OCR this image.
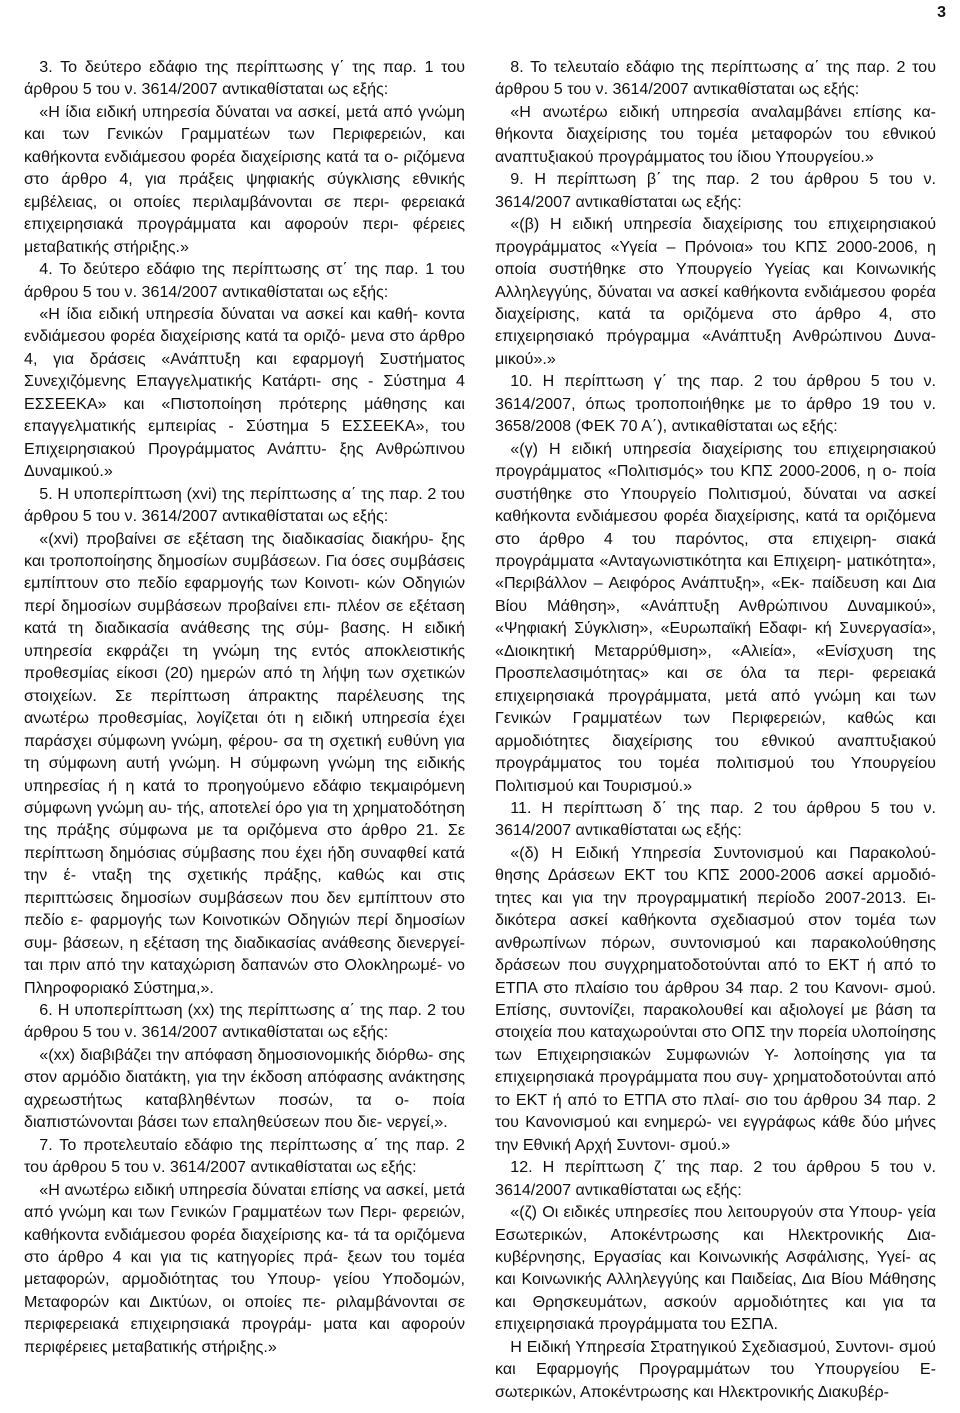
3

3. Το δεύτερο εδάφιο της περίπτωσης γ΄ της παρ. 1 του άρθρου 5 του ν. 3614/2007 αντικαθίσταται ως εξής:

«Η ίδια ειδική υπηρεσία δύναται να ασκεί, μετά από γνώμη και των Γενικών Γραμματέων των Περιφερειών, και καθήκοντα ενδιάμεσου φορέα διαχείρισης κατά τα ο- ριζόμενα στο άρθρο 4, για πράξεις ψηφιακής σύγκλισης εθνικής εμβέλειας, οι οποίες περιλαμβάνονται σε περι- φερειακά επιχειρησιακά προγράμματα και αφορούν περι- φέρειες μεταβατικής στήριξης.»

4. Το δεύτερο εδάφιο της περίπτωσης στ΄ της παρ. 1 του άρθρου 5 του ν. 3614/2007 αντικαθίσταται ως εξής:

«Η ίδια ειδική υπηρεσία δύναται να ασκεί και καθή- κοντα ενδιάμεσου φορέα διαχείρισης κατά τα οριζό- μενα στο άρθρο 4, για δράσεις «Ανάπτυξη και εφαρμογή Συστήματος Συνεχιζόμενης Επαγγελματικής Κατάρτι- σης - Σύστημα 4 ΕΣΣΕΕΚΑ» και «Πιστοποίηση πρότερης μάθησης και επαγγελματικής εμπειρίας - Σύστημα 5 ΕΣΣΕΕΚΑ», του Επιχειρησιακού Προγράμματος Ανάπτυ- ξης Ανθρώπινου Δυναμικού.»

5. Η υποπερίπτωση (xvi) της περίπτωσης α΄ της παρ. 2 του άρθρου 5 του ν. 3614/2007 αντικαθίσταται ως εξής:

«(xvi) προβαίνει σε εξέταση της διαδικασίας διακήρυ- ξης και τροποποίησης δημοσίων συμβάσεων. Για όσες συμβάσεις εμπίπτουν στο πεδίο εφαρμογής των Κοινοτι- κών Οδηγιών περί δημοσίων συμβάσεων προβαίνει επι- πλέον σε εξέταση κατά τη διαδικασία ανάθεσης της σύμ- βασης. Η ειδική υπηρεσία εκφράζει τη γνώμη της εντός αποκλειστικής προθεσμίας είκοσι (20) ημερών από τη λήψη των σχετικών στοιχείων. Σε περίπτωση άπρακτης παρέλευσης της ανωτέρω προθεσμίας, λογίζεται ότι η ειδική υπηρεσία έχει παράσχει σύμφωνη γνώμη, φέρου- σα τη σχετική ευθύνη για τη σύμφωνη αυτή γνώμη. Η σύμφωνη γνώμη της ειδικής υπηρεσίας ή η κατά το προηγούμενο εδάφιο τεκμαιρόμενη σύμφωνη γνώμη αυ- τής, αποτελεί όρο για τη χρηματοδότηση της πράξης σύμφωνα με τα οριζόμενα στο άρθρο 21. Σε περίπτωση δημόσιας σύμβασης που έχει ήδη συναφθεί κατά την έ- νταξη της σχετικής πράξης, καθώς και στις περιπτώσεις δημοσίων συμβάσεων που δεν εμπίπτουν στο πεδίο ε- φαρμογής των Κοινοτικών Οδηγιών περί δημοσίων συμ- βάσεων, η εξέταση της διαδικασίας ανάθεσης διενεργεί- ται πριν από την καταχώριση δαπανών στο Ολοκληρωμέ- νο Πληροφοριακό Σύστημα,».

6. Η υποπερίπτωση (xx) της περίπτωσης α΄ της παρ. 2 του άρθρου 5 του ν. 3614/2007 αντικαθίσταται ως εξής:

«(xx) διαβιβάζει την απόφαση δημοσιονομικής διόρθω- σης στον αρμόδιο διατάκτη, για την έκδοση απόφασης ανάκτησης αχρεωστήτως καταβληθέντων ποσών, τα ο- ποία διαπιστώνονται βάσει των επαληθεύσεων που διε- νεργεί,».

7. Το προτελευταίο εδάφιο της περίπτωσης α΄ της παρ. 2 του άρθρου 5 του ν. 3614/2007 αντικαθίσταται ως εξής:

«Η ανωτέρω ειδική υπηρεσία δύναται επίσης να ασκεί, μετά από γνώμη και των Γενικών Γραμματέων των Περι- φερειών, καθήκοντα ενδιάμεσου φορέα διαχείρισης κα- τά τα οριζόμενα στο άρθρο 4 και για τις κατηγορίες πρά- ξεων του τομέα μεταφορών, αρμοδιότητας του Υπουρ- γείου Υποδομών, Μεταφορών και Δικτύων, οι οποίες πε- ριλαμβάνονται σε περιφερειακά επιχειρησιακά προγράμ- ματα και αφορούν περιφέρειες μεταβατικής στήριξης.»

8. Το τελευταίο εδάφιο της περίπτωσης α΄ της παρ. 2 του άρθρου 5 του ν. 3614/2007 αντικαθίσταται ως εξής:

«Η ανωτέρω ειδική υπηρεσία αναλαμβάνει επίσης κα- θήκοντα διαχείρισης του τομέα μεταφορών του εθνικού αναπτυξιακού προγράμματος του ίδιου Υπουργείου.»

9. Η περίπτωση β΄ της παρ. 2 του άρθρου 5 του ν. 3614/2007 αντικαθίσταται ως εξής:

«(β) Η ειδική υπηρεσία διαχείρισης του επιχειρησιακού προγράμματος «Υγεία – Πρόνοια» του ΚΠΣ 2000-2006, η οποία συστήθηκε στο Υπουργείο Υγείας και Κοινωνικής Αλληλεγγύης, δύναται να ασκεί καθήκοντα ενδιάμεσου φορέα διαχείρισης, κατά τα οριζόμενα στο άρθρο 4, στο επιχειρησιακό πρόγραμμα «Ανάπτυξη Ανθρώπινου Δυνα- μικού».»

10. Η περίπτωση γ΄ της παρ. 2 του άρθρου 5 του ν. 3614/2007, όπως τροποποιήθηκε με το άρθρο 19 του ν. 3658/2008 (ΦΕΚ 70 Α΄), αντικαθίσταται ως εξής:

«(γ) Η ειδική υπηρεσία διαχείρισης του επιχειρησιακού προγράμματος «Πολιτισμός» του ΚΠΣ 2000-2006, η ο- ποία συστήθηκε στο Υπουργείο Πολιτισμού, δύναται να ασκεί καθήκοντα ενδιάμεσου φορέα διαχείρισης, κατά τα οριζόμενα στο άρθρο 4 του παρόντος, στα επιχειρη- σιακά προγράμματα «Ανταγωνιστικότητα και Επιχειρη- ματικότητα», «Περιβάλλον – Αειφόρος Ανάπτυξη», «Εκ- παίδευση και Δια Βίου Μάθηση», «Ανάπτυξη Ανθρώπινου Δυναμικού», «Ψηφιακή Σύγκλιση», «Ευρωπαϊκή Εδαφι- κή Συνεργασία», «Διοικητική Μεταρρύθμιση», «Αλιεία», «Ενίσχυση της Προσπελασιμότητας» και σε όλα τα περι- φερειακά επιχειρησιακά προγράμματα, μετά από γνώμη και των Γενικών Γραμματέων των Περιφερειών, καθώς και αρμοδιότητες διαχείρισης του εθνικού αναπτυξιακού προγράμματος του τομέα πολιτισμού του Υπουργείου Πολιτισμού και Τουρισμού.»

11. Η περίπτωση δ΄ της παρ. 2 του άρθρου 5 του ν. 3614/2007 αντικαθίσταται ως εξής:

«(δ) Η Ειδική Υπηρεσία Συντονισμού και Παρακολού- θησης Δράσεων ΕΚΤ του ΚΠΣ 2000-2006 ασκεί αρμοδιό- τητες και για την προγραμματική περίοδο 2007-2013. Ει- δικότερα ασκεί καθήκοντα σχεδιασμού στον τομέα των ανθρωπίνων πόρων, συντονισμού και παρακολούθησης δράσεων που συγχρηματοδοτούνται από το ΕΚΤ ή από το ΕΤΠΑ στο πλαίσιο του άρθρου 34 παρ. 2 του Κανονι- σμού. Επίσης, συντονίζει, παρακολουθεί και αξιολογεί με βάση τα στοιχεία που καταχωρούνται στο ΟΠΣ την πορεία υλοποίησης των Επιχειρησιακών Συμφωνιών Υ- λοποίησης για τα επιχειρησιακά προγράμματα που συγ- χρηματοδοτούνται από το ΕΚΤ ή από το ΕΤΠΑ στο πλαί- σιο του άρθρου 34 παρ. 2 του Κανονισμού και ενημερώ- νει εγγράφως κάθε δύο μήνες την Εθνική Αρχή Συντονι- σμού.»

12. Η περίπτωση ζ΄ της παρ. 2 του άρθρου 5 του ν. 3614/2007 αντικαθίσταται ως εξής:

«(ζ) Οι ειδικές υπηρεσίες που λειτουργούν στα Υπουρ- γεία Εσωτερικών, Αποκέντρωσης και Ηλεκτρονικής Δια- κυβέρνησης, Εργασίας και Κοινωνικής Ασφάλισης, Υγεί- ας και Κοινωνικής Αλληλεγγύης και Παιδείας, Δια Βίου Μάθησης και Θρησκευμάτων, ασκούν αρμοδιότητες και για τα επιχειρησιακά προγράμματα του ΕΣΠΑ.

Η Ειδική Υπηρεσία Στρατηγικού Σχεδιασμού, Συντονι- σμού και Εφαρμογής Προγραμμάτων του Υπουργείου Ε- σωτερικών, Αποκέντρωσης και Ηλεκτρονικής Διακυβέρ-
